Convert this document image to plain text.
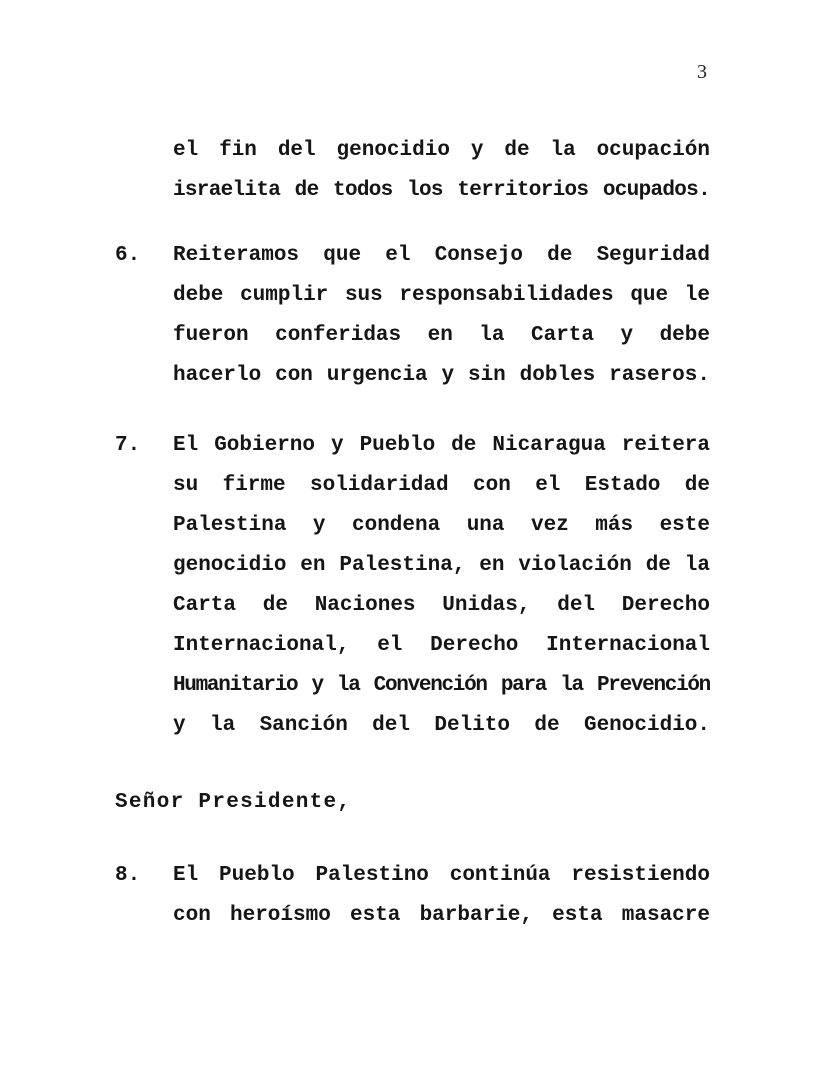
3
el fin del genocidio y de la ocupación
israelita de todos los territorios ocupados.
6.	Reiteramos que el Consejo de Seguridad
debe cumplir sus responsabilidades que le
fueron conferidas en la Carta y debe
hacerlo con urgencia y sin dobles raseros.
7.	El Gobierno y Pueblo de Nicaragua reitera
su firme solidaridad con el Estado de
Palestina y condena una vez más este
genocidio en Palestina, en violación de la
Carta de Naciones Unidas, del Derecho
Internacional, el Derecho Internacional
Humanitario y la Convención para la Prevención
y la Sanción del Delito de Genocidio.
Señor Presidente,
8.	El Pueblo Palestino continúa resistiendo
con heroísmo esta barbarie, esta masacre
